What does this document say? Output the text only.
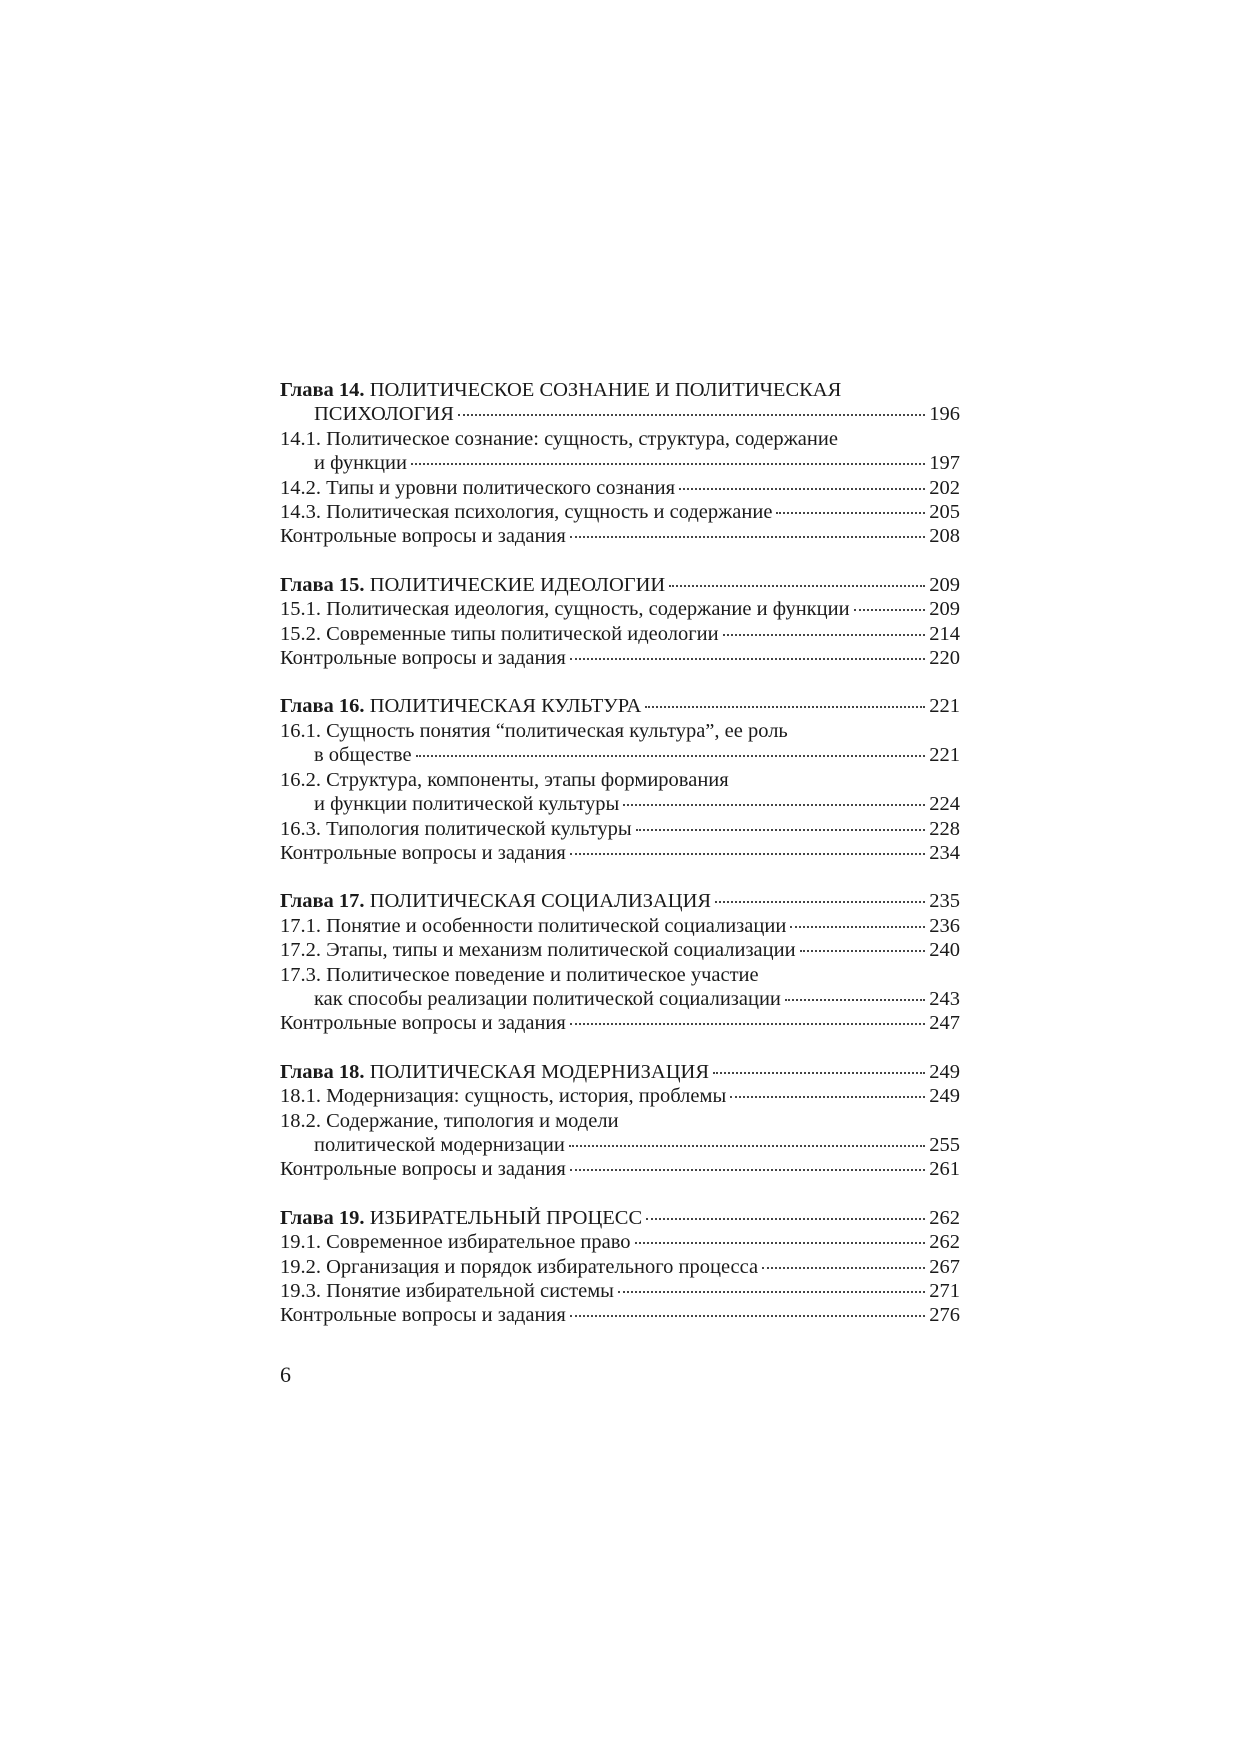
Глава 14. ПОЛИТИЧЕСКОЕ СОЗНАНИЕ И ПОЛИТИЧЕСКАЯ
ПСИХОЛОГИЯ	196
14.1. Политическое сознание: сущность, структура, содержание
и функции	197
14.2. Типы и уровни политического сознания	202
14.3. Политическая психология, сущность и содержание	205
Контрольные вопросы и задания	208
Глава 15. ПОЛИТИЧЕСКИЕ ИДЕОЛОГИИ	209
15.1. Политическая идеология, сущность, содержание и функции	209
15.2. Современные типы политической идеологии	214
Контрольные вопросы и задания	220
Глава 16. ПОЛИТИЧЕСКАЯ КУЛЬТУРА	221
16.1. Сущность понятия “политическая культура”, ее роль
в обществе	221
16.2. Структура, компоненты, этапы формирования
и функции политической культуры	224
16.3. Типология политической культуры	228
Контрольные вопросы и задания	234
Глава 17. ПОЛИТИЧЕСКАЯ СОЦИАЛИЗАЦИЯ	235
17.1. Понятие и особенности политической социализации	236
17.2. Этапы, типы и механизм политической социализации	240
17.3. Политическое поведение и политическое участие
как способы реализации политической социализации	243
Контрольные вопросы и задания	247
Глава 18. ПОЛИТИЧЕСКАЯ МОДЕРНИЗАЦИЯ	249
18.1. Модернизация: сущность, история, проблемы	249
18.2. Содержание, типология и модели
политической модернизации	255
Контрольные вопросы и задания	261
Глава 19. ИЗБИРАТЕЛЬНЫЙ ПРОЦЕСС	262
19.1. Современное избирательное право	262
19.2. Организация и порядок избирательного процесса	267
19.3. Понятие избирательной системы	271
Контрольные вопросы и задания	276
6
